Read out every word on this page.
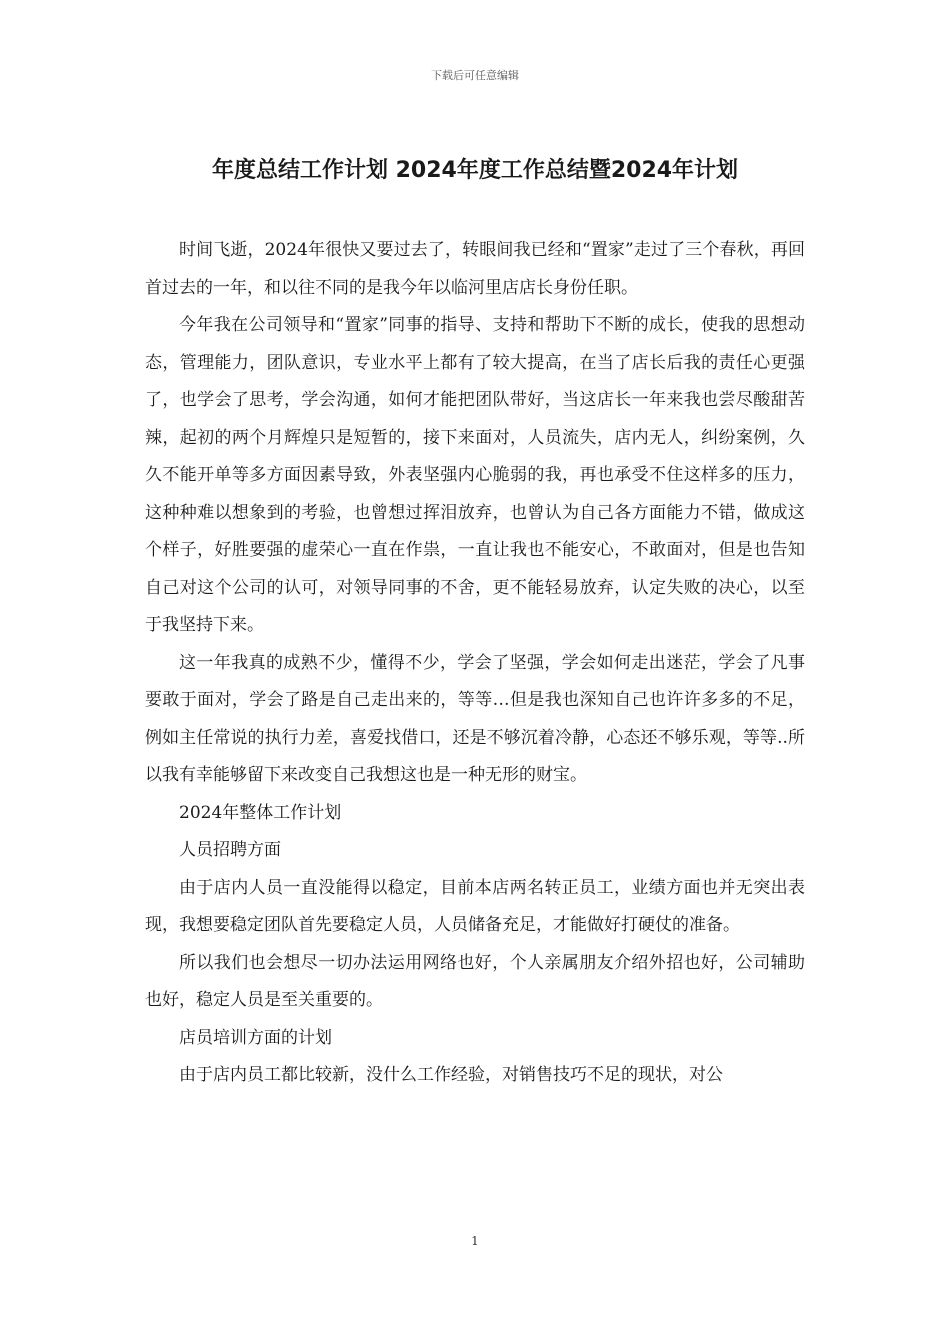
下载后可任意编辑
年度总结工作计划 2024年度工作总结暨2024年计划

时间飞逝，2024年很快又要过去了，转眼间我已经和“置家”走过了三个春秋，再回首过去的一年，和以往不同的是我今年以临河里店店长身份任职。

今年我在公司领导和“置家”同事的指导、支持和帮助下不断的成长，使我的思想动态，管理能力，团队意识，专业水平上都有了较大提高，在当了店长后我的责任心更强了，也学会了思考，学会沟通，如何才能把团队带好，当这店长一年来我也尝尽酸甜苦辣，起初的两个月辉煌只是短暂的，接下来面对，人员流失，店内无人，纠纷案例，久久不能开单等多方面因素导致，外表坚强内心脆弱的我，再也承受不住这样多的压力，这种种难以想象到的考验，也曾想过挥泪放弃，也曾认为自己各方面能力不错，做成这个样子，好胜要强的虚荣心一直在作祟，一直让我也不能安心，不敢面对，但是也告知自己对这个公司的认可，对领导同事的不舍，更不能轻易放弃，认定失败的决心，以至于我坚持下来。

这一年我真的成熟不少，懂得不少，学会了坚强，学会如何走出迷茫，学会了凡事要敢于面对，学会了路是自己走出来的，等等…但是我也深知自己也许许多多的不足，例如主任常说的执行力差，喜爱找借口，还是不够沉着冷静，心态还不够乐观，等等..所以我有幸能够留下来改变自己我想这也是一种无形的财宝。

2024年整体工作计划

人员招聘方面

由于店内人员一直没能得以稳定，目前本店两名转正员工，业绩方面也并无突出表现，我想要稳定团队首先要稳定人员，人员储备充足，才能做好打硬仗的准备。

所以我们也会想尽一切办法运用网络也好，个人亲属朋友介绍外招也好，公司辅助也好，稳定人员是至关重要的。

店员培训方面的计划

由于店内员工都比较新，没什么工作经验，对销售技巧不足的现状，对公

1
